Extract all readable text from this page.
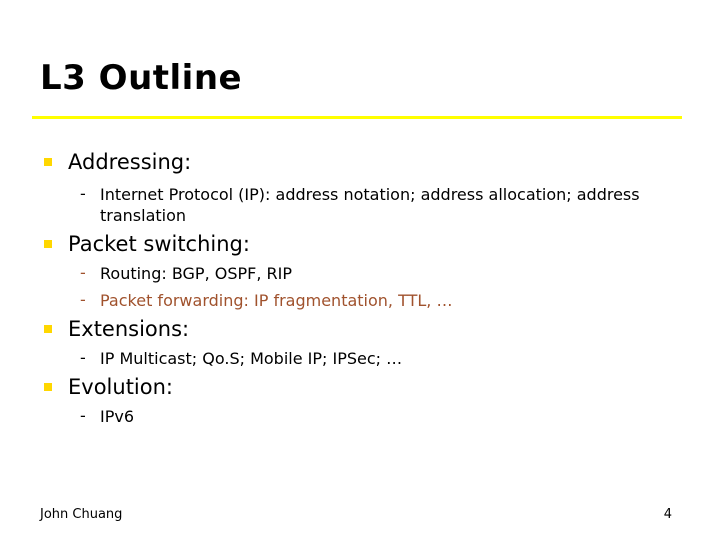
L3 Outline
Addressing:
- Internet Protocol (IP): address notation; address allocation; address translation
Packet switching:
- Routing: BGP, OSPF, RIP
- Packet forwarding: IP fragmentation, TTL, …
Extensions:
- IP Multicast; Qo.S; Mobile IP; IPSec; …
Evolution:
- IPv6
John Chuang	4
